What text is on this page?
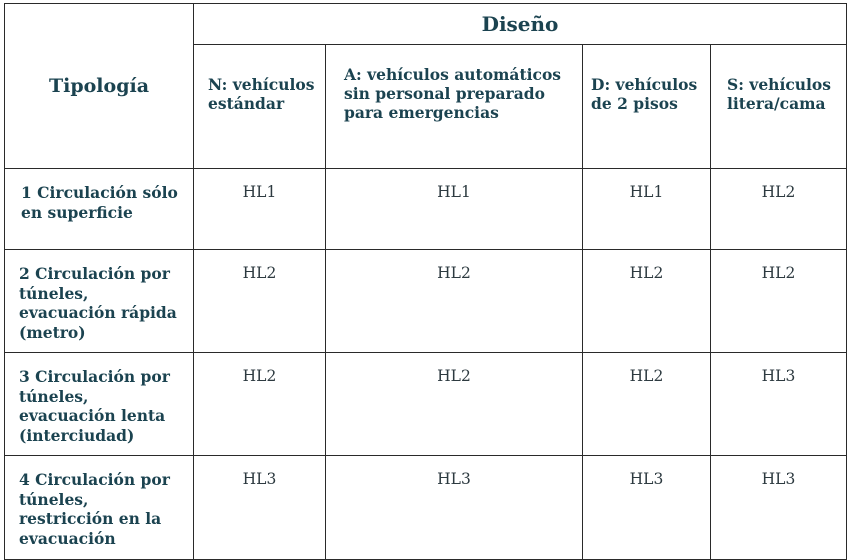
Tipología	Diseño			
	N: vehículos estándar	A: vehículos automáticos sin personal preparado para emergencias	D: vehículos de 2 pisos	S: vehículos litera/cama
1 Circulación sólo en superficie	HL1	HL1	HL1	HL2
2 Circulación por túneles, evacuación rápida (metro)	HL2	HL2	HL2	HL2
3 Circulación por túneles, evacuación lenta (interciudad)	HL2	HL2	HL2	HL3
4 Circulación por túneles, restricción en la evacuación	HL3	HL3	HL3	HL3
